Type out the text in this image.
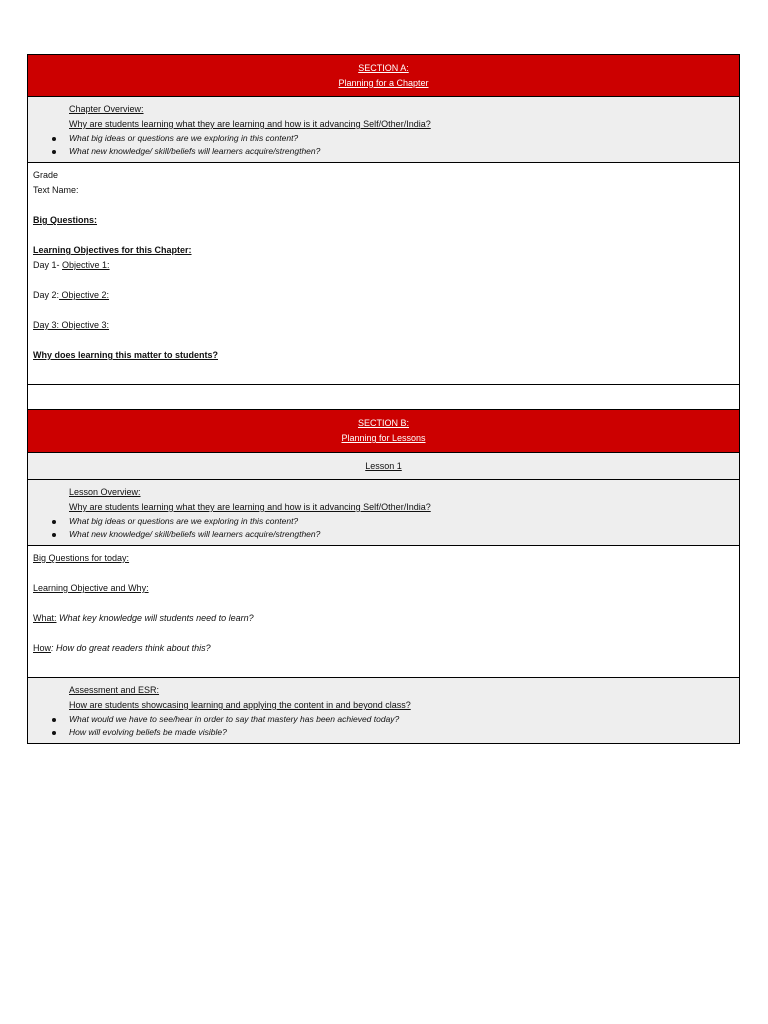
SECTION A:
Planning for a Chapter
Chapter Overview:
Why are students learning what they are learning and how is it advancing Self/Other/India?
What big ideas or questions are we exploring in this content?
What new knowledge/ skill/beliefs will learners acquire/strengthen?
Grade
Text Name:
Big Questions:
Learning Objectives for this Chapter:
Day 1- Objective 1:
Day 2: Objective 2:
Day 3: Objective 3:
Why does learning this matter to students?
SECTION B:
Planning for Lessons
Lesson 1
Lesson Overview:
Why are students learning what they are learning and how is it advancing Self/Other/India?
What big ideas or questions are we exploring in this content?
What new knowledge/ skill/beliefs will learners acquire/strengthen?
Big Questions for today:
Learning Objective and Why:
What: What key knowledge will students need to learn?
How: How do great readers think about this?
Assessment and ESR:
How are students showcasing learning and applying the content in and beyond class?
What would we have to see/hear in order to say that mastery has been achieved today?
How will evolving beliefs be made visible?
